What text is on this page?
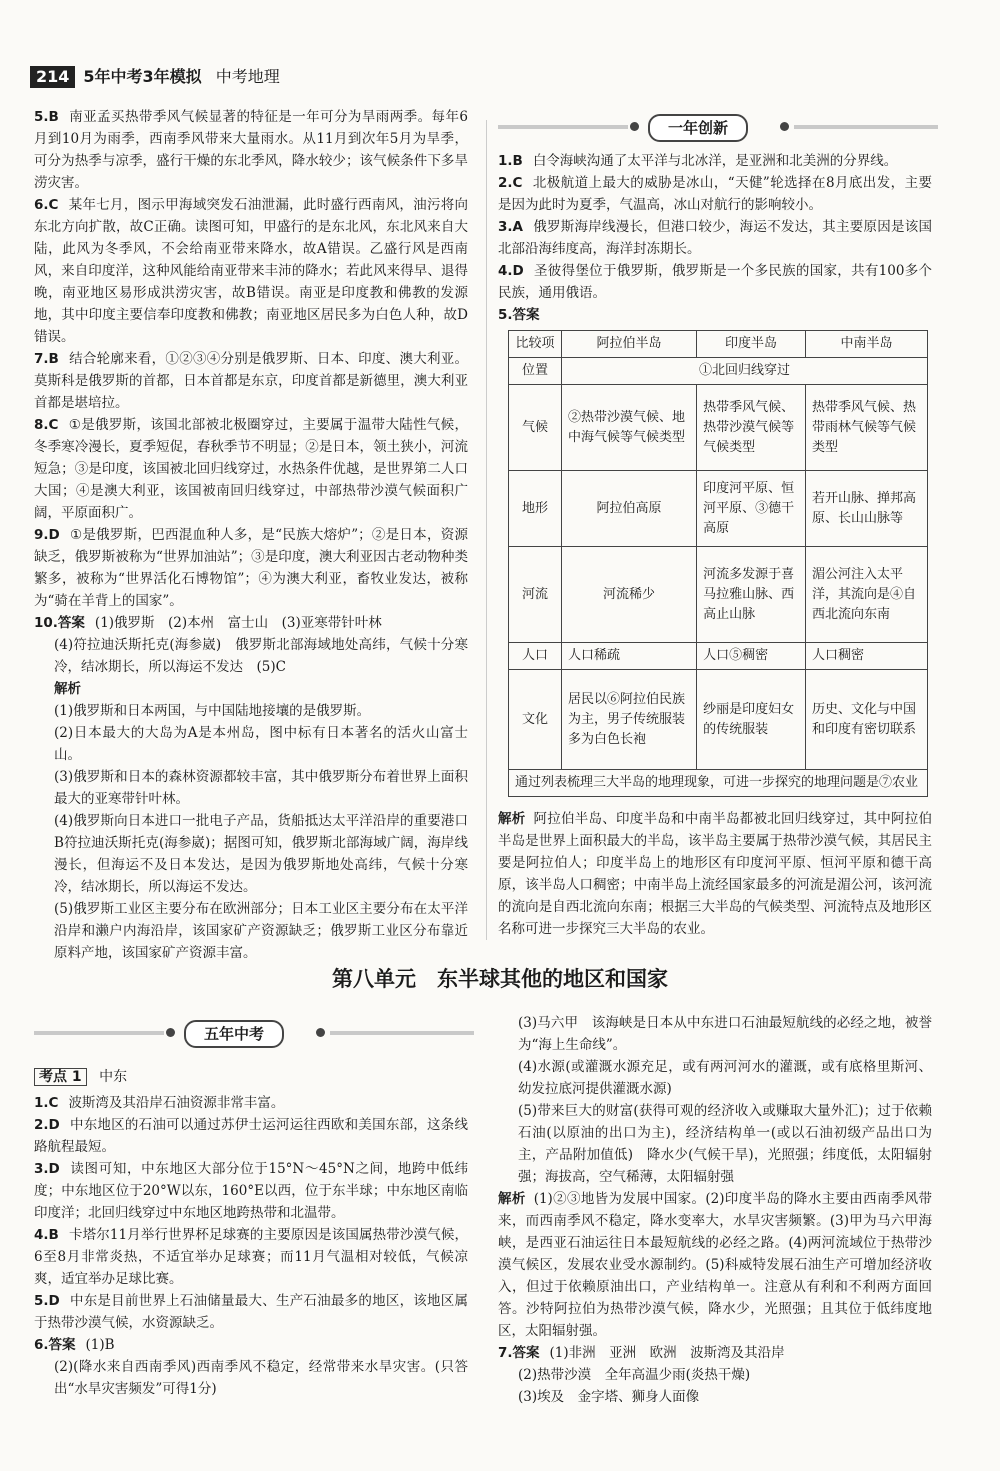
214 5年中考3年模拟 中考地理

5.B 南亚孟买热带季风气候显著的特征是一年可分为旱雨两季。每年6月到10月为雨季，西南季风带来大量雨水。从11月到次年5月为旱季，可分为热季与凉季，盛行干燥的东北季风，降水较少；该气候条件下多旱涝灾害。

6.C 某年七月，图示甲海域突发石油泄漏，此时盛行西南风，油污将向东北方向扩散，故C正确。读图可知，甲盛行的是东北风，东北风来自大陆，此风为冬季风，不会给南亚带来降水，故A错误。乙盛行风是西南风，来自印度洋，这种风能给南亚带来丰沛的降水；若此风来得早、退得晚，南亚地区易形成洪涝灾害，故B错误。南亚是印度教和佛教的发源地，其中印度主要信奉印度教和佛教；南亚地区居民多为白色人种，故D错误。

7.B 结合轮廓来看，①②③④分别是俄罗斯、日本、印度、澳大利亚。莫斯科是俄罗斯的首都，日本首都是东京，印度首都是新德里，澳大利亚首都是堪培拉。

8.C ①是俄罗斯，该国北部被北极圈穿过，主要属于温带大陆性气候，冬季寒冷漫长，夏季短促，春秋季节不明显；②是日本，领土狭小，河流短急；③是印度，该国被北回归线穿过，水热条件优越，是世界第二人口大国；④是澳大利亚，该国被南回归线穿过，中部热带沙漠气候面积广阔，平原面积广。

9.D ①是俄罗斯，巴西混血种人多，是“民族大熔炉”；②是日本，资源缺乏，俄罗斯被称为“世界加油站”；③是印度，澳大利亚因古老动物种类繁多，被称为“世界活化石博物馆”；④为澳大利亚，畜牧业发达，被称为“骑在羊背上的国家”。

10.答案 (1)俄罗斯　(2)本州　富士山　(3)亚寒带针叶林

(4)符拉迪沃斯托克(海参崴)　俄罗斯北部海域地处高纬，气候十分寒冷，结冰期长，所以海运不发达　(5)C

解析

(1)俄罗斯和日本两国，与中国陆地接壤的是俄罗斯。

(2)日本最大的大岛为A是本州岛，图中标有日本著名的活火山富士山。

(3)俄罗斯和日本的森林资源都较丰富，其中俄罗斯分布着世界上面积最大的亚寒带针叶林。

(4)俄罗斯向日本进口一批电子产品，货船抵达太平洋沿岸的重要港口B符拉迪沃斯托克(海参崴)；据图可知，俄罗斯北部海域广阔，海岸线漫长，但海运不及日本发达，是因为俄罗斯地处高纬，气候十分寒冷，结冰期长，所以海运不发达。

(5)俄罗斯工业区主要分布在欧洲部分；日本工业区主要分布在太平洋沿岸和濑户内海沿岸，该国家矿产资源缺乏；俄罗斯工业区分布靠近原料产地，该国家矿产资源丰富。

一年创新

1.B 白令海峡沟通了太平洋与北冰洋，是亚洲和北美洲的分界线。

2.C 北极航道上最大的威胁是冰山，“天健”轮选择在8月底出发，主要是因为此时为夏季，气温高，冰山对航行的影响较小。

3.A 俄罗斯海岸线漫长，但港口较少，海运不发达，其主要原因是该国北部沿海纬度高，海洋封冻期长。

4.D 圣彼得堡位于俄罗斯，俄罗斯是一个多民族的国家，共有100多个民族，通用俄语。

5.答案

比较项	阿拉伯半岛	印度半岛	中南半岛
位置	①北回归线穿过		
气候	②热带沙漠气候、地中海气候等气候类型	热带季风气候、热带沙漠气候等气候类型	热带季风气候、热带雨林气候等气候类型
地形	阿拉伯高原	印度河平原、恒河平原、③德干高原	若开山脉、掸邦高原、长山山脉等
河流	河流稀少	河流多发源于喜马拉雅山脉、西高止山脉	湄公河注入太平洋，其流向是④自西北流向东南
人口	人口稀疏	人口⑤稠密	人口稠密
文化	居民以⑥阿拉伯民族为主，男子传统服装多为白色长袍	纱丽是印度妇女的传统服装	历史、文化与中国和印度有密切联系
通过列表梳理三大半岛的地理现象，可进一步探究的地理问题是⑦农业			

解析 阿拉伯半岛、印度半岛和中南半岛都被北回归线穿过，其中阿拉伯半岛是世界上面积最大的半岛，该半岛主要属于热带沙漠气候，其居民主要是阿拉伯人；印度半岛上的地形区有印度河平原、恒河平原和德干高原，该半岛人口稠密；中南半岛上流经国家最多的河流是湄公河，该河流的流向是自西北流向东南；根据三大半岛的气候类型、河流特点及地形区名称可进一步探究三大半岛的农业。

第八单元　东半球其他的地区和国家
五年中考
考点 1 中东

1.C 波斯湾及其沿岸石油资源非常丰富。

2.D 中东地区的石油可以通过苏伊士运河运往西欧和美国东部，这条线路航程最短。

3.D 读图可知，中东地区大部分位于15°N～45°N之间，地跨中低纬度；中东地区位于20°W以东，160°E以西，位于东半球；中东地区南临印度洋；北回归线穿过中东地区地跨热带和北温带。

4.B 卡塔尔11月举行世界杯足球赛的主要原因是该国属热带沙漠气候，6至8月非常炎热，不适宜举办足球赛；而11月气温相对较低，气候凉爽，适宜举办足球比赛。

5.D 中东是目前世界上石油储量最大、生产石油最多的地区，该地区属于热带沙漠气候，水资源缺乏。

6.答案 (1)B

(2)(降水来自西南季风)西南季风不稳定，经常带来水旱灾害。(只答出“水旱灾害频发”可得1分)

(3)马六甲　该海峡是日本从中东进口石油最短航线的必经之地，被誉为“海上生命线”。

(4)水源(或灌溉水源充足，或有两河河水的灌溉，或有底格里斯河、幼发拉底河提供灌溉水源)

(5)带来巨大的财富(获得可观的经济收入或赚取大量外汇)；过于依赖石油(以原油的出口为主)，经济结构单一(或以石油初级产品出口为主，产品附加值低)　降水少(气候干旱)，光照强；纬度低，太阳辐射强；海拔高，空气稀薄，太阳辐射强

解析 (1)②③地皆为发展中国家。(2)印度半岛的降水主要由西南季风带来，而西南季风不稳定，降水变率大，水旱灾害频繁。(3)甲为马六甲海峡，是西亚石油运往日本最短航线的必经之路。(4)两河流域位于热带沙漠气候区，发展农业受水源制约。(5)科威特发展石油生产可增加经济收入，但过于依赖原油出口，产业结构单一。注意从有利和不利两方面回答。沙特阿拉伯为热带沙漠气候，降水少，光照强；且其位于低纬度地区，太阳辐射强。

7.答案 (1)非洲　亚洲　欧洲　波斯湾及其沿岸

(2)热带沙漠　全年高温少雨(炎热干燥)

(3)埃及　金字塔、狮身人面像
